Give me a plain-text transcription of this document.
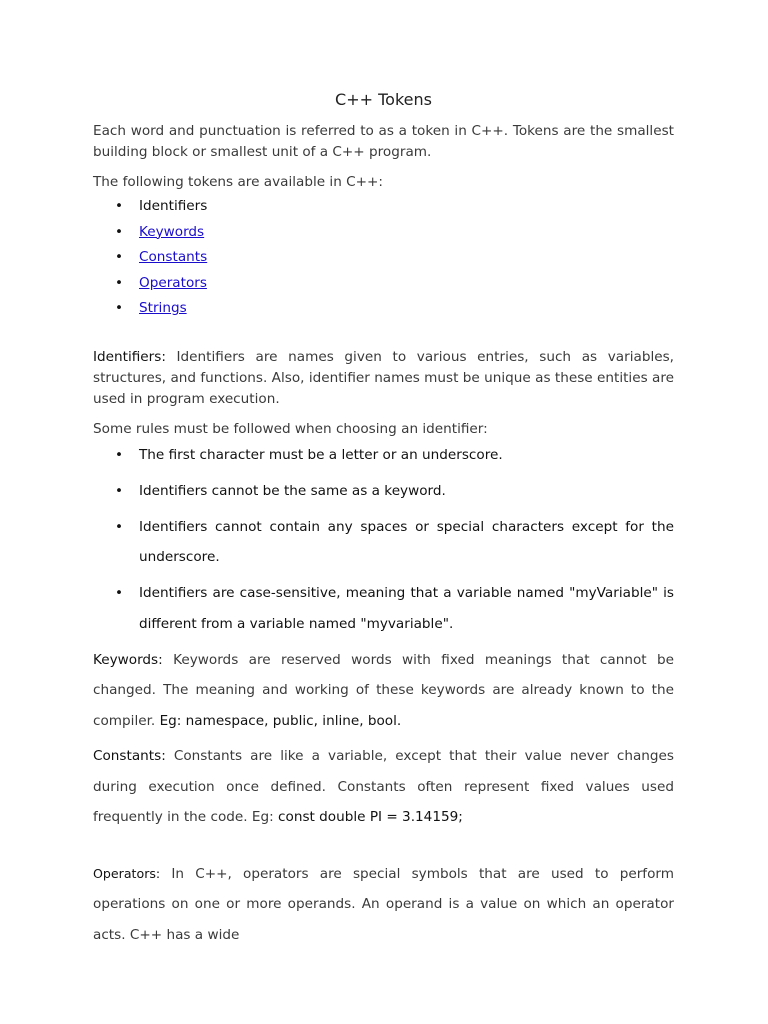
C++ Tokens

Each word and punctuation is referred to as a token in C++. Tokens are the smallest building block or smallest unit of a C++ program.

The following tokens are available in C++:

• Identifiers
• Keywords
• Constants
• Operators
• Strings

Identifiers: Identifiers are names given to various entries, such as variables, structures, and functions. Also, identifier names must be unique as these entities are used in program execution.

Some rules must be followed when choosing an identifier:

• The first character must be a letter or an underscore.
• Identifiers cannot be the same as a keyword.
• Identifiers cannot contain any spaces or special characters except for the underscore.
• Identifiers are case-sensitive, meaning that a variable named "myVariable" is different from a variable named "myvariable".

Keywords: Keywords are reserved words with fixed meanings that cannot be changed. The meaning and working of these keywords are already known to the compiler. Eg: namespace, public, inline, bool.

Constants: Constants are like a variable, except that their value never changes during execution once defined. Constants often represent fixed values used frequently in the code. Eg: const double PI = 3.14159;

Operators: In C++, operators are special symbols that are used to perform operations on one or more operands. An operand is a value on which an operator acts. C++ has a wide
